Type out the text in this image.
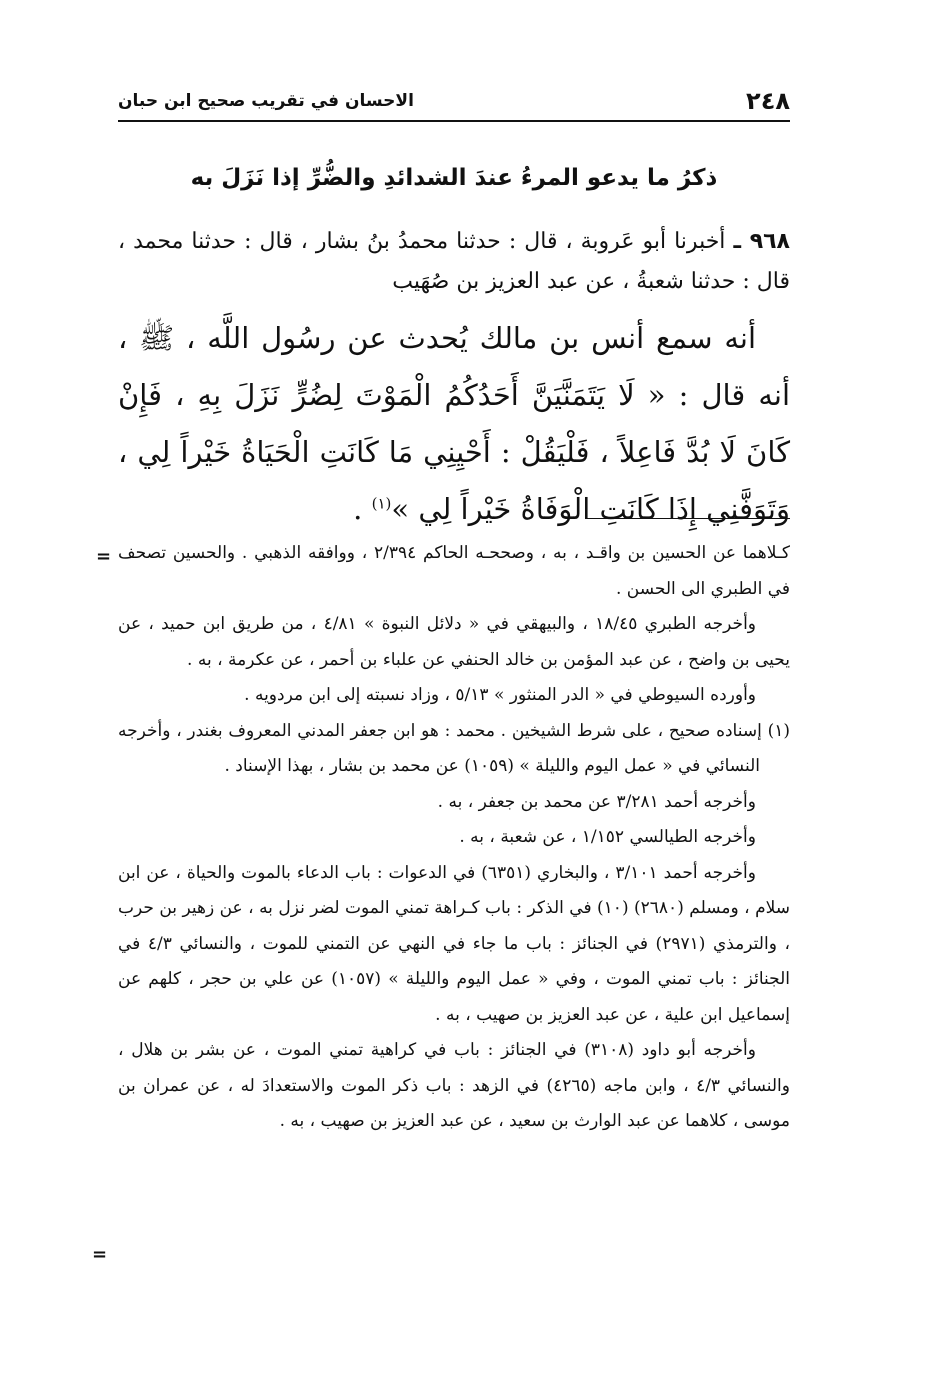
٢٤٨
الاحسان في تقريب صحيح ابن حبان
ذكرُ ما يدعو المرءُ عندَ الشدائدِ والضُّرِّ إذا نَزَلَ به

٩٦٨ ـ أخبرنا أبو عَروبة ، قال : حدثنا محمدُ بنُ بشار ، قال : حدثنا محمد ، قال : حدثنا شعبةُ ، عن عبد العزيز بن صُهَيب

أنه سمع أنس بن مالك يُحدث عن رسُول اللَّه ، ﷺ ، أنه قال : « لَا يَتَمَنَّيَنَّ أَحَدُكُمُ الْمَوْتَ لِضُرٍّ نَزَلَ بِهِ ، فَإِنْ كَانَ لَا بُدَّ فَاعِلاً ، فَلْيَقُلْ : أَحْيِنِي مَا كَانَتِ الْحَيَاةُ خَيْراً لِي ، وَتَوَفَّنِي إِذَا كَانَتِ الْوَفَاةُ خَيْراً لِي »$^{(١)}$ .

=
=

كـلاهما عن الحسين بن واقـد ، به ، وصححـه الحاكم ٢/٣٩٤ ، ووافقه الذهبي . والحسين تصحف في الطبري الى الحسن .

وأخرجه الطبري ١٨/٤٥ ، والبيهقي في « دلائل النبوة » ٤/٨١ ، من طريق ابن حميد ، عن يحيى بن واضح ، عن عبد المؤمن بن خالد الحنفي عن علباء بن أحمر ، عن عكرمة ، به .

وأورده السيوطي في « الدر المنثور » ٥/١٣ ، وزاد نسبته إلى ابن مردويه .

(١) إسناده صحيح ، على شرط الشيخين . محمد : هو ابن جعفر المدني المعروف بغندر ، وأخرجه النسائي في « عمل اليوم والليلة » (١٠٥٩) عن محمد بن بشار ، بهذا الإسناد .

وأخرجه أحمد ٣/٢٨١ عن محمد بن جعفر ، به .

وأخرجه الطيالسي ١/١٥٢ ، عن شعبة ، به .

وأخرجه أحمد ٣/١٠١ ، والبخاري (٦٣٥١) في الدعوات : باب الدعاء بالموت والحياة ، عن ابن سلام ، ومسلم (٢٦٨٠) (١٠) في الذكر : باب كـراهة تمني الموت لضر نزل به ، عن زهير بن حرب ، والترمذي (٢٩٧١) في الجنائز : باب ما جاء في النهي عن التمني للموت ، والنسائي ٤/٣ في الجنائز : باب تمني الموت ، وفي « عمل اليوم والليلة » (١٠٥٧) عن علي بن حجر ، كلهم عن إسماعيل ابن علية ، عن عبد العزيز بن صهيب ، به .

وأخرجه أبو داود (٣١٠٨) في الجنائز : باب في كراهية تمني الموت ، عن بشر بن هلال ، والنسائي ٤/٣ ، وابن ماجه (٤٢٦٥) في الزهد : باب ذكر الموت والاستعدادَ له ، عن عمران بن موسى ، كلاهما عن عبد الوارث بن سعيد ، عن عبد العزيز بن صهيب ، به .
